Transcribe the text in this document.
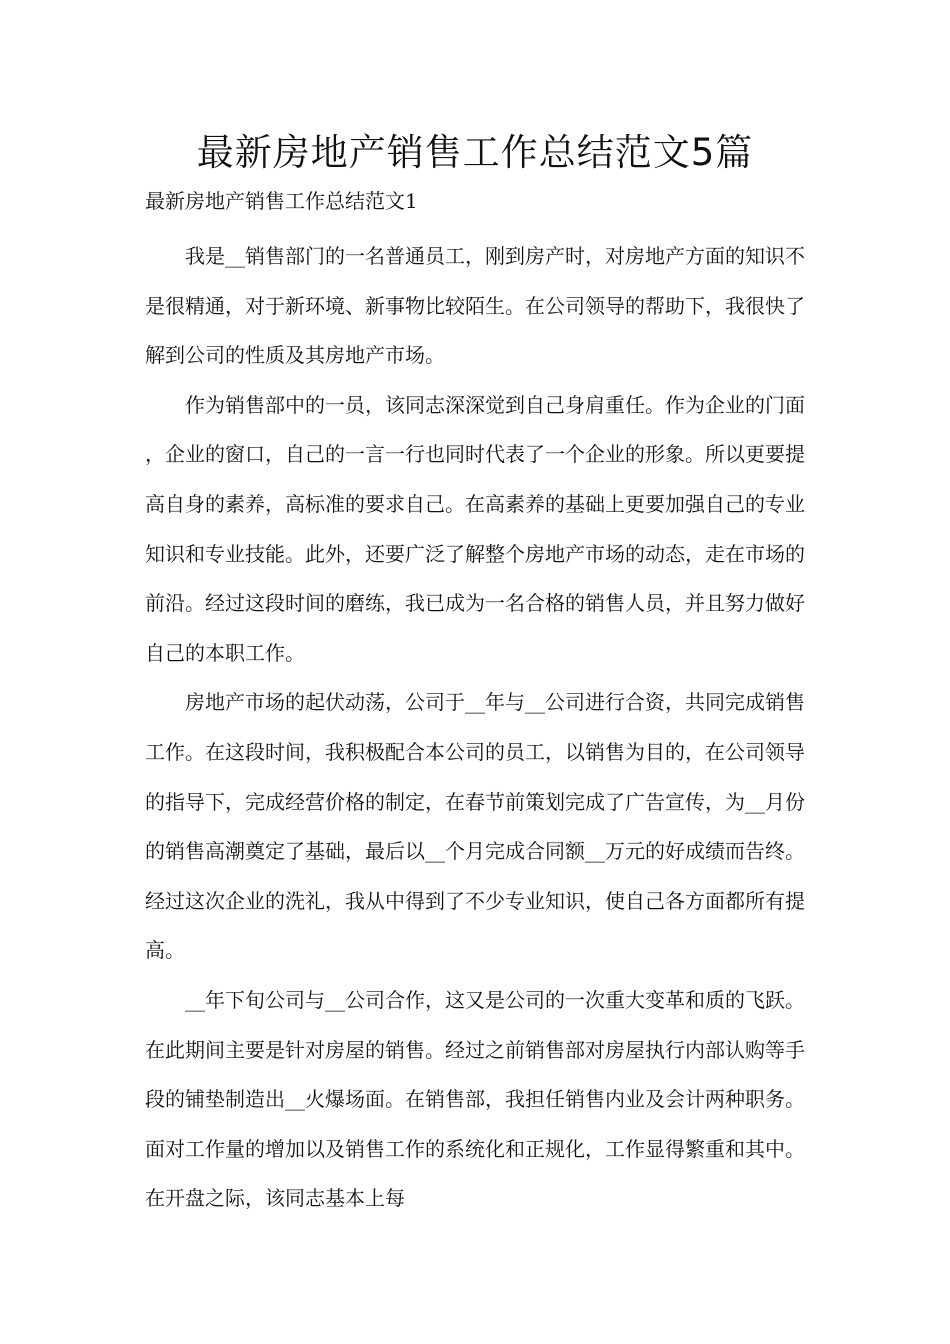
最新房地产销售工作总结范文5篇
最新房地产销售工作总结范文1

我是__销售部门的一名普通员工，刚到房产时，对房地产方面的知识不是很精通，对于新环境、新事物比较陌生。在公司领导的帮助下，我很快了解到公司的性质及其房地产市场。

作为销售部中的一员，该同志深深觉到自己身肩重任。作为企业的门面，企业的窗口，自己的一言一行也同时代表了一个企业的形象。所以更要提高自身的素养，高标准的要求自己。在高素养的基础上更要加强自己的专业知识和专业技能。此外，还要广泛了解整个房地产市场的动态，走在市场的前沿。经过这段时间的磨练，我已成为一名合格的销售人员，并且努力做好自己的本职工作。

房地产市场的起伏动荡，公司于__年与__公司进行合资，共同完成销售工作。在这段时间，我积极配合本公司的员工，以销售为目的，在公司领导的指导下，完成经营价格的制定，在春节前策划完成了广告宣传，为__月份的销售高潮奠定了基础，最后以__个月完成合同额__万元的好成绩而告终。经过这次企业的洗礼，我从中得到了不少专业知识，使自己各方面都所有提高。

__年下旬公司与__公司合作，这又是公司的一次重大变革和质的飞跃。在此期间主要是针对房屋的销售。经过之前销售部对房屋执行内部认购等手段的铺垫制造出__火爆场面。在销售部，我担任销售内业及会计两种职务。面对工作量的增加以及销售工作的系统化和正规化，工作显得繁重和其中。在开盘之际，该同志基本上每
